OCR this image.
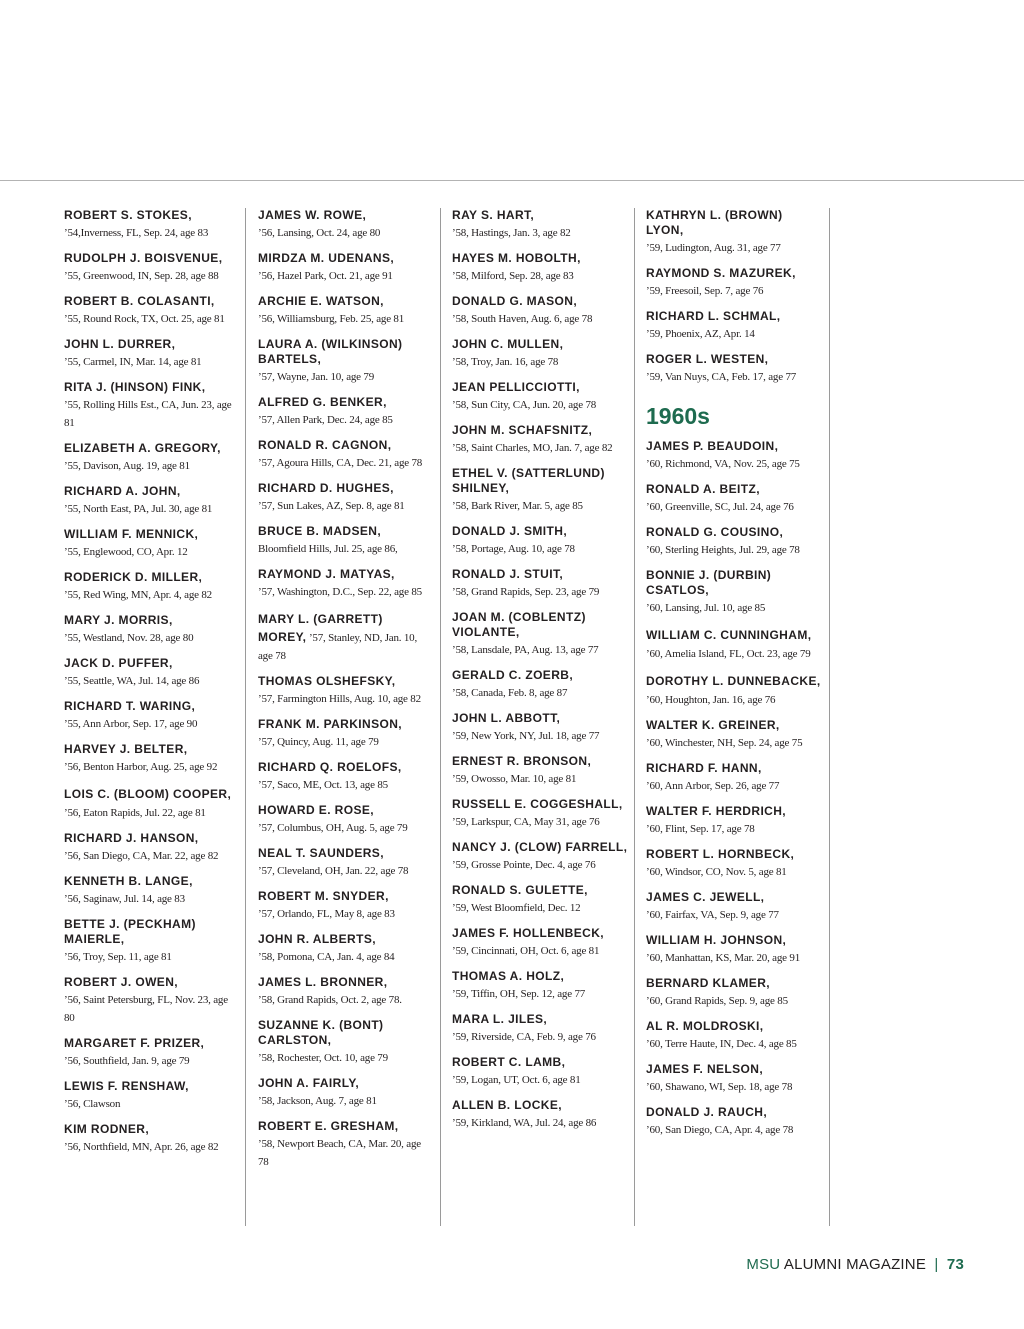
ROBERT S. STOKES,
’54,Inverness, FL, Sep. 24, age 83
RUDOLPH J. BOISVENUE,
’55, Greenwood, IN, Sep. 28, age 88
ROBERT B. COLASANTI,
’55, Round Rock, TX, Oct. 25, age 81
JOHN L. DURRER,
’55, Carmel, IN, Mar. 14, age 81
RITA J. (HINSON) FINK,
’55, Rolling Hills Est., CA, Jun. 23, age 81
ELIZABETH A. GREGORY,
’55, Davison, Aug. 19, age 81
RICHARD A. JOHN,
’55, North East, PA, Jul. 30, age 81
WILLIAM F. MENNICK,
’55, Englewood, CO, Apr. 12
RODERICK D. MILLER,
’55, Red Wing, MN, Apr. 4, age 82
MARY J. MORRIS,
’55, Westland, Nov. 28, age 80
JACK D. PUFFER,
’55, Seattle, WA, Jul. 14, age 86
RICHARD T. WARING,
’55, Ann Arbor, Sep. 17, age 90
HARVEY J. BELTER,
’56, Benton Harbor, Aug. 25, age 92
LOIS C. (BLOOM) COOPER, ’56, Eaton Rapids, Jul. 22, age 81
RICHARD J. HANSON,
’56, San Diego, CA, Mar. 22, age 82
KENNETH B. LANGE,
’56, Saginaw, Jul. 14, age 83
BETTE J. (PECKHAM) MAIERLE,
’56, Troy, Sep. 11, age 81
ROBERT J. OWEN,
’56, Saint Petersburg, FL, Nov. 23, age 80
MARGARET F. PRIZER,
’56, Southfield, Jan. 9, age 79
LEWIS F. RENSHAW,
’56, Clawson
KIM RODNER,
’56, Northfield, MN, Apr. 26, age 82
JAMES W. ROWE,
’56, Lansing, Oct. 24, age 80
MIRDZA M. UDENANS,
’56, Hazel Park, Oct. 21, age 91
ARCHIE E. WATSON,
’56, Williamsburg, Feb. 25, age 81
LAURA A. (WILKINSON) BARTELS,
’57, Wayne, Jan. 10, age 79
ALFRED G. BENKER,
’57, Allen Park, Dec. 24, age 85
RONALD R. CAGNON,
’57, Agoura Hills, CA, Dec. 21, age 78
RICHARD D. HUGHES,
’57, Sun Lakes, AZ, Sep. 8, age 81
BRUCE B. MADSEN,
Bloomfield Hills, Jul. 25, age 86,
RAYMOND J. MATYAS,
’57, Washington, D.C., Sep. 22, age 85
MARY L. (GARRETT) MOREY, ’57, Stanley, ND, Jan. 10, age 78
THOMAS OLSHEFSKY,
’57, Farmington Hills, Aug. 10, age 82
FRANK M. PARKINSON,
’57, Quincy, Aug. 11, age 79
RICHARD Q. ROELOFS,
’57, Saco, ME, Oct. 13, age 85
HOWARD E. ROSE,
’57, Columbus, OH, Aug. 5, age 79
NEAL T. SAUNDERS,
’57, Cleveland, OH, Jan. 22, age 78
ROBERT M. SNYDER,
’57, Orlando, FL, May 8, age 83
JOHN R. ALBERTS,
’58, Pomona, CA, Jan. 4, age 84
JAMES L. BRONNER,
’58, Grand Rapids, Oct. 2, age 78.
SUZANNE K. (BONT) CARLSTON,
’58, Rochester, Oct. 10, age 79
JOHN A. FAIRLY,
’58, Jackson, Aug. 7, age 81
ROBERT E. GRESHAM,
’58, Newport Beach, CA, Mar. 20, age 78
RAY S. HART,
’58, Hastings, Jan. 3, age 82
HAYES M. HOBOLTH,
’58, Milford, Sep. 28, age 83
DONALD G. MASON,
’58, South Haven, Aug. 6, age 78
JOHN C. MULLEN,
’58, Troy, Jan. 16, age 78
JEAN PELLICCIOTTI,
’58, Sun City, CA, Jun. 20, age 78
JOHN M. SCHAFSNITZ,
’58, Saint Charles, MO, Jan. 7, age 82
ETHEL V. (SATTERLUND) SHILNEY,
’58, Bark River, Mar. 5, age 85
DONALD J. SMITH,
’58, Portage, Aug. 10, age 78
RONALD J. STUIT,
’58, Grand Rapids, Sep. 23, age 79
JOAN M. (COBLENTZ) VIOLANTE,
’58, Lansdale, PA, Aug. 13, age 77
GERALD C. ZOERB,
’58, Canada, Feb. 8, age 87
JOHN L. ABBOTT,
’59, New York, NY, Jul. 18, age 77
ERNEST R. BRONSON,
’59, Owosso, Mar. 10, age 81
RUSSELL E. COGGESHALL,
’59, Larkspur, CA, May 31, age 76
NANCY J. (CLOW) FARRELL,
’59, Grosse Pointe, Dec. 4, age 76
RONALD S. GULETTE,
’59, West Bloomfield, Dec. 12
JAMES F. HOLLENBECK,
’59, Cincinnati, OH, Oct. 6, age 81
THOMAS A. HOLZ,
’59, Tiffin, OH, Sep. 12, age 77
MARA L. JILES,
’59, Riverside, CA, Feb. 9, age 76
ROBERT C. LAMB,
’59, Logan, UT, Oct. 6, age 81
ALLEN B. LOCKE,
’59, Kirkland, WA, Jul. 24, age 86
KATHRYN L. (BROWN) LYON,
’59, Ludington, Aug. 31, age 77
RAYMOND S. MAZUREK,
’59, Freesoil, Sep. 7, age 76
RICHARD L. SCHMAL,
’59, Phoenix, AZ, Apr. 14
ROGER L. WESTEN,
’59, Van Nuys, CA, Feb. 17, age 77
1960s
JAMES P. BEAUDOIN,
’60, Richmond, VA, Nov. 25, age 75
RONALD A. BEITZ,
’60, Greenville, SC, Jul. 24, age 76
RONALD G. COUSINO,
’60, Sterling Heights, Jul. 29, age 78
BONNIE J. (DURBIN) CSATLOS,
’60, Lansing, Jul. 10, age 85
WILLIAM C. CUNNINGHAM, ’60, Amelia Island, FL, Oct. 23, age 79
DOROTHY L. DUNNEBACKE, ’60, Houghton, Jan. 16, age 76
WALTER K. GREINER,
’60, Winchester, NH, Sep. 24, age 75
RICHARD F. HANN,
’60, Ann Arbor, Sep. 26, age 77
WALTER F. HERDRICH,
’60, Flint, Sep. 17, age 78
ROBERT L. HORNBECK,
’60, Windsor, CO, Nov. 5, age 81
JAMES C. JEWELL,
’60, Fairfax, VA, Sep. 9, age 77
WILLIAM H. JOHNSON,
’60, Manhattan, KS, Mar. 20, age 91
BERNARD KLAMER,
’60, Grand Rapids, Sep. 9, age 85
AL R. MOLDROSKI,
’60, Terre Haute, IN, Dec. 4, age 85
JAMES F. NELSON,
’60, Shawano, WI, Sep. 18, age 78
DONALD J. RAUCH,
’60, San Diego, CA, Apr. 4, age 78
MSU ALUMNI MAGAZINE | 73
